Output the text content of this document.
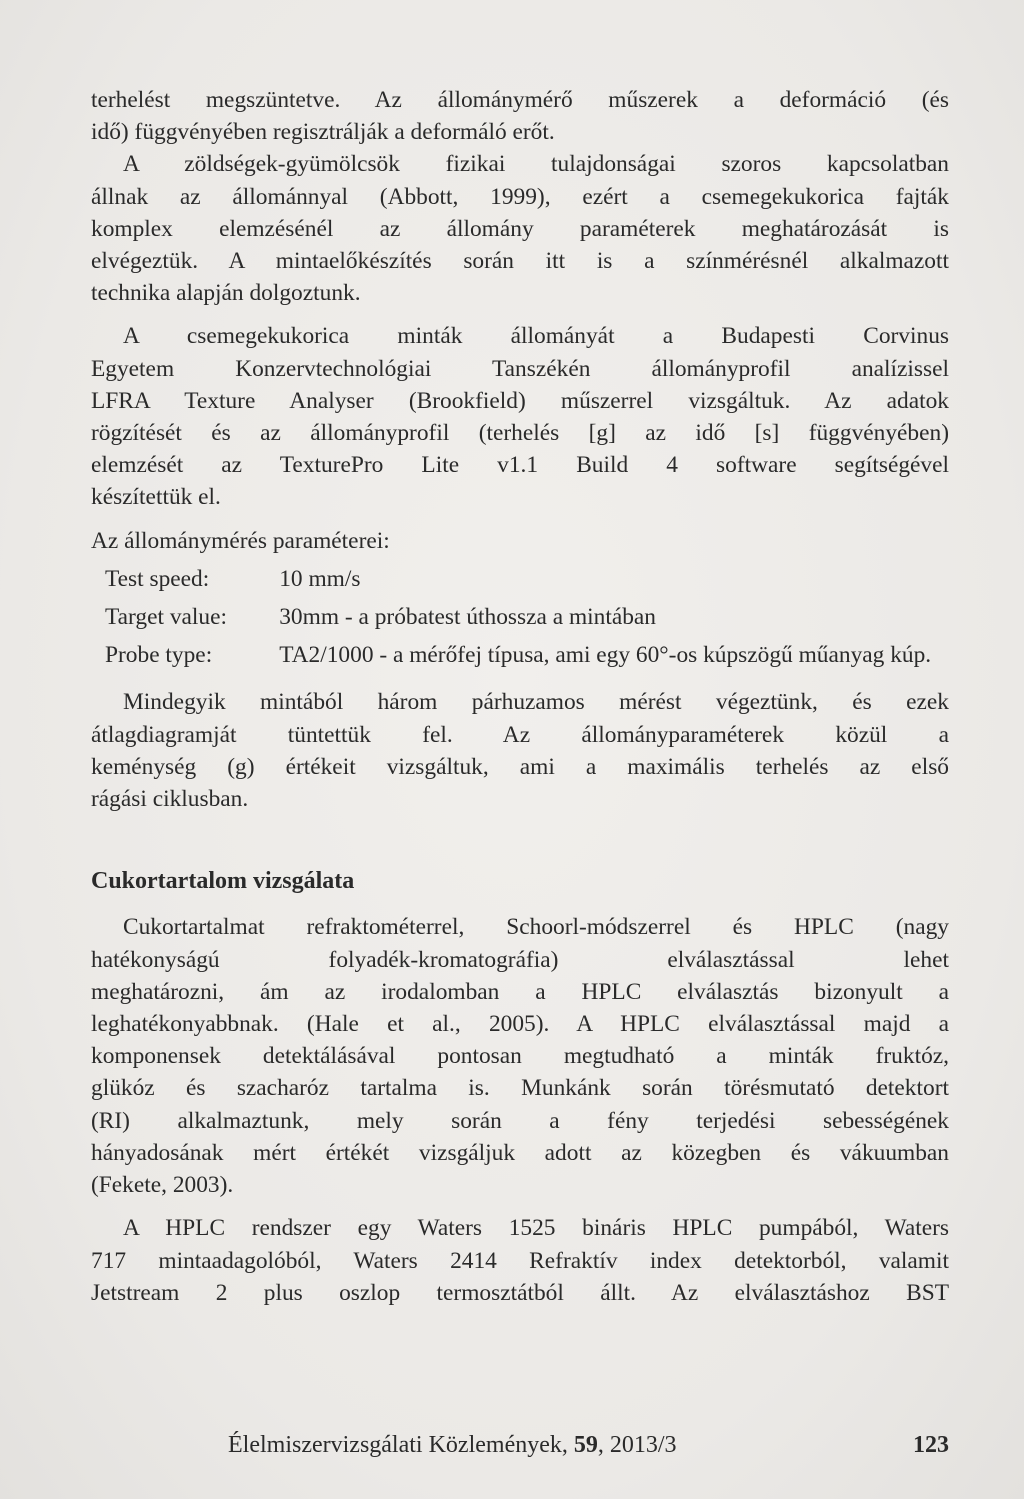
terhelést megszüntetve. Az állománymérő műszerek a deformáció (és
idő) függvényében regisztrálják a deformáló erőt.

A zöldségek-gyümölcsök fizikai tulajdonságai szoros kapcsolatban
állnak az állománnyal (Abbott, 1999), ezért a csemegekukorica fajták
komplex elemzésénél az állomány paraméterek meghatározását is
elvégeztük. A mintaelőkészítés során itt is a színmérésnél alkalmazott
technika alapján dolgoztunk.

A csemegekukorica minták állományát a Budapesti Corvinus
Egyetem Konzervtechnológiai Tanszékén állományprofil analízissel
LFRA Texture Analyser (Brookfield) műszerrel vizsgáltuk. Az adatok
rögzítését és az állományprofil (terhelés [g] az idő [s] függvényében)
elemzését az TexturePro Lite v1.1 Build 4 software segítségével
készítettük el.

Az állománymérés paraméterei:

Test speed:	10 mm/s
Target value:	30mm - a próbatest úthossza a mintában
Probe type:	TA2/1000 - a mérőfej típusa, ami egy 60°-os kúpszögű műanyag kúp.

Mindegyik mintából három párhuzamos mérést végeztünk, és ezek
átlagdiagramját tüntettük fel. Az állományparaméterek közül a
keménység (g) értékeit vizsgáltuk, ami a maximális terhelés az első
rágási ciklusban.

Cukortartalom vizsgálata

Cukortartalmat refraktométerrel, Schoorl-módszerrel és HPLC (nagy
hatékonyságú folyadék-kromatográfia) elválasztással lehet
meghatározni, ám az irodalomban a HPLC elválasztás bizonyult a
leghatékonyabbnak. (Hale et al., 2005). A HPLC elválasztással majd a
komponensek detektálásával pontosan megtudható a minták fruktóz,
glükóz és szacharóz tartalma is. Munkánk során törésmutató detektort
(RI) alkalmaztunk, mely során a fény terjedési sebességének
hányadosának mért értékét vizsgáljuk adott az közegben és vákuumban
(Fekete, 2003).

A HPLC rendszer egy Waters 1525 bináris HPLC pumpából, Waters
717 mintaadagolóból, Waters 2414 Refraktív index detektorból, valamit
Jetstream 2 plus oszlop termosztátból állt. Az elválasztáshoz BST

Élelmiszervizsgálati Közlemények, 59, 2013/3	123
